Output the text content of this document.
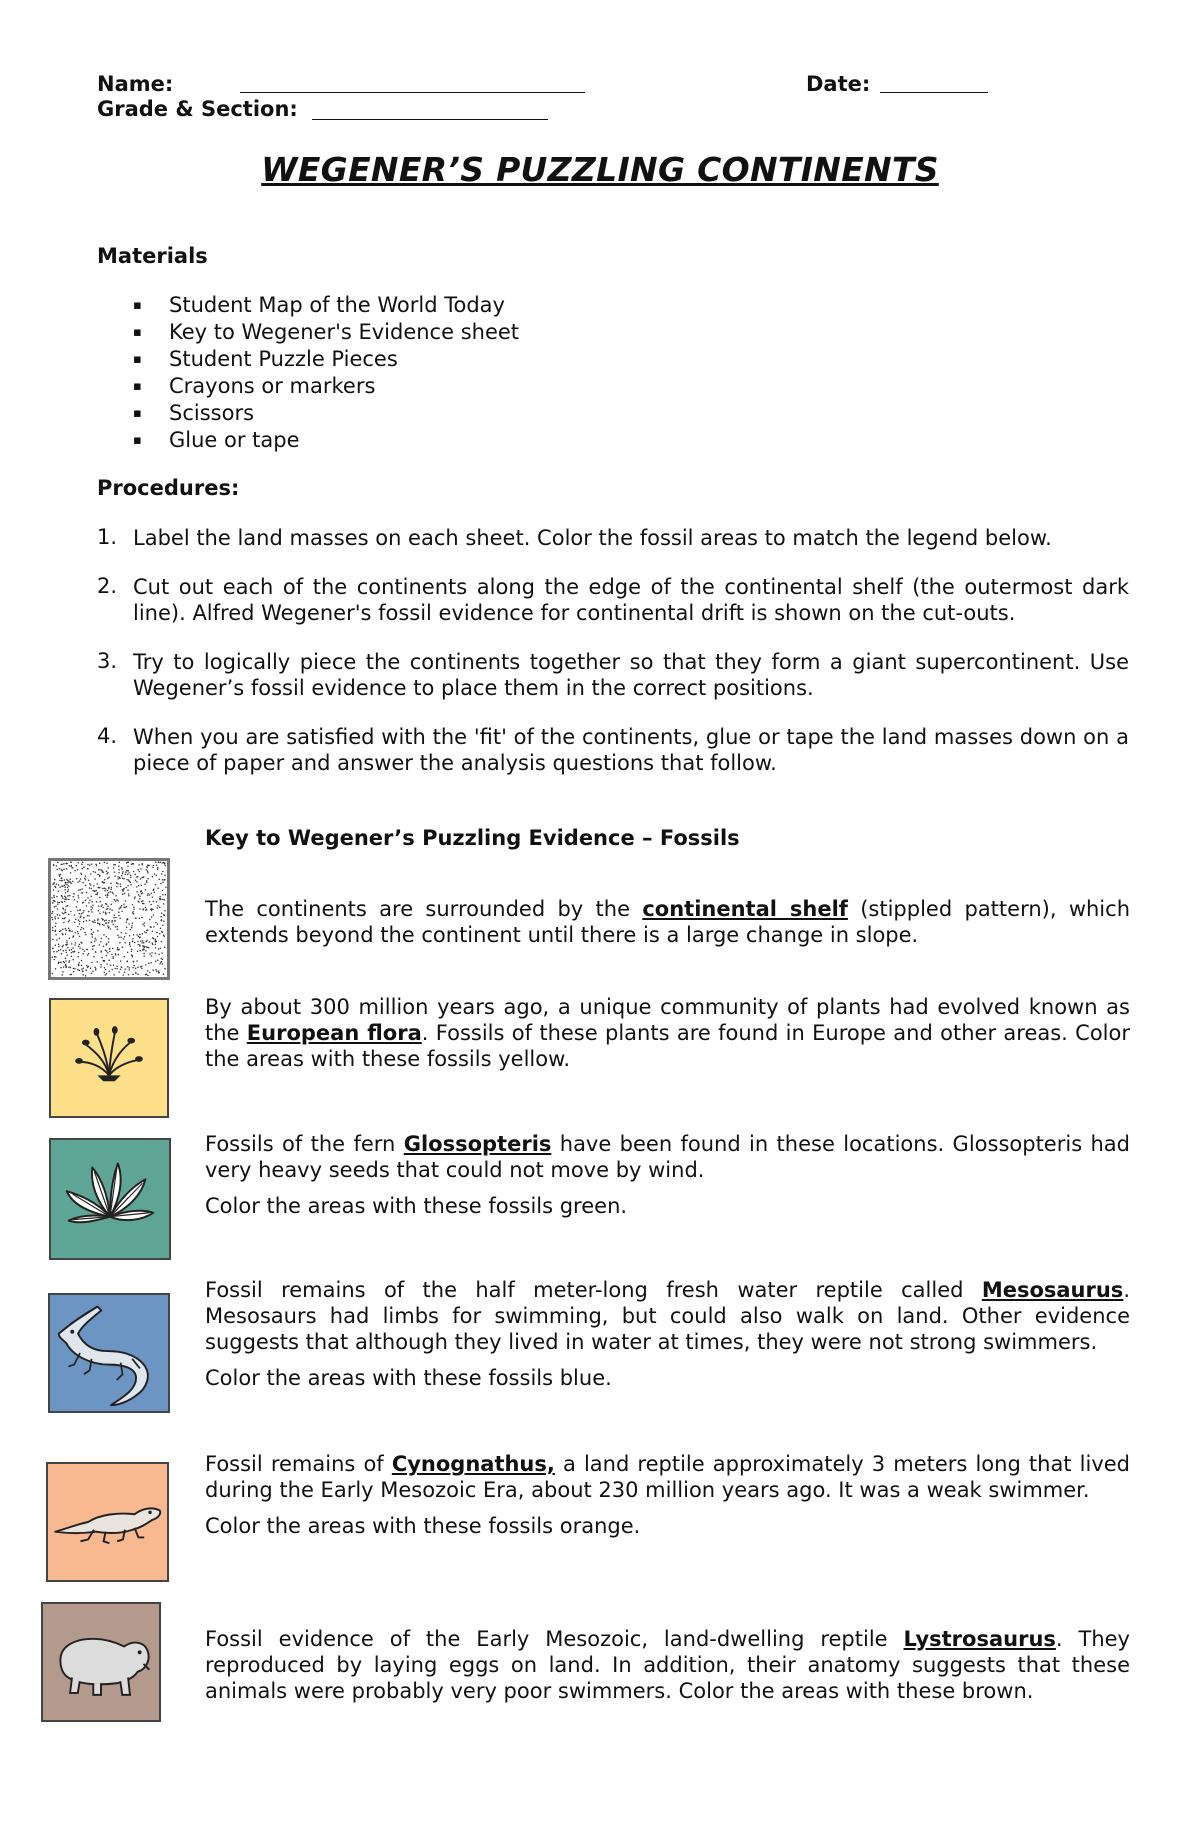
Name:	Date:
Grade & Section:
WEGENER’S PUZZLING CONTINENTS
Materials
▪ Student Map of the World Today
▪ Key to Wegener's Evidence sheet
▪ Student Puzzle Pieces
▪ Crayons or markers
▪ Scissors
▪ Glue or tape
Procedures:
1. Label the land masses on each sheet. Color the fossil areas to match the legend below.
2. Cut out each of the continents along the edge of the continental shelf (the outermost dark line). Alfred Wegener's fossil evidence for continental drift is shown on the cut-outs.
3. Try to logically piece the continents together so that they form a giant supercontinent. Use Wegener’s fossil evidence to place them in the correct positions.
4. When you are satisfied with the 'fit' of the continents, glue or tape the land masses down on a piece of paper and answer the analysis questions that follow.
Key to Wegener’s Puzzling Evidence – Fossils

The continents are surrounded by the continental shelf (stippled pattern), which extends beyond the continent until there is a large change in slope.

By about 300 million years ago, a unique community of plants had evolved known as the European flora. Fossils of these plants are found in Europe and other areas. Color the areas with these fossils yellow.

Fossils of the fern Glossopteris have been found in these locations. Glossopteris had very heavy seeds that could not move by wind.

Color the areas with these fossils green.

Fossil remains of the half meter-long fresh water reptile called Mesosaurus. Mesosaurs had limbs for swimming, but could also walk on land. Other evidence suggests that although they lived in water at times, they were not strong swimmers.

Color the areas with these fossils blue.

Fossil remains of Cynognathus, a land reptile approximately 3 meters long that lived during the Early Mesozoic Era, about 230 million years ago. It was a weak swimmer.

Color the areas with these fossils orange.

Fossil evidence of the Early Mesozoic, land-dwelling reptile Lystrosaurus. They reproduced by laying eggs on land. In addition, their anatomy suggests that these animals were probably very poor swimmers. Color the areas with these brown.
